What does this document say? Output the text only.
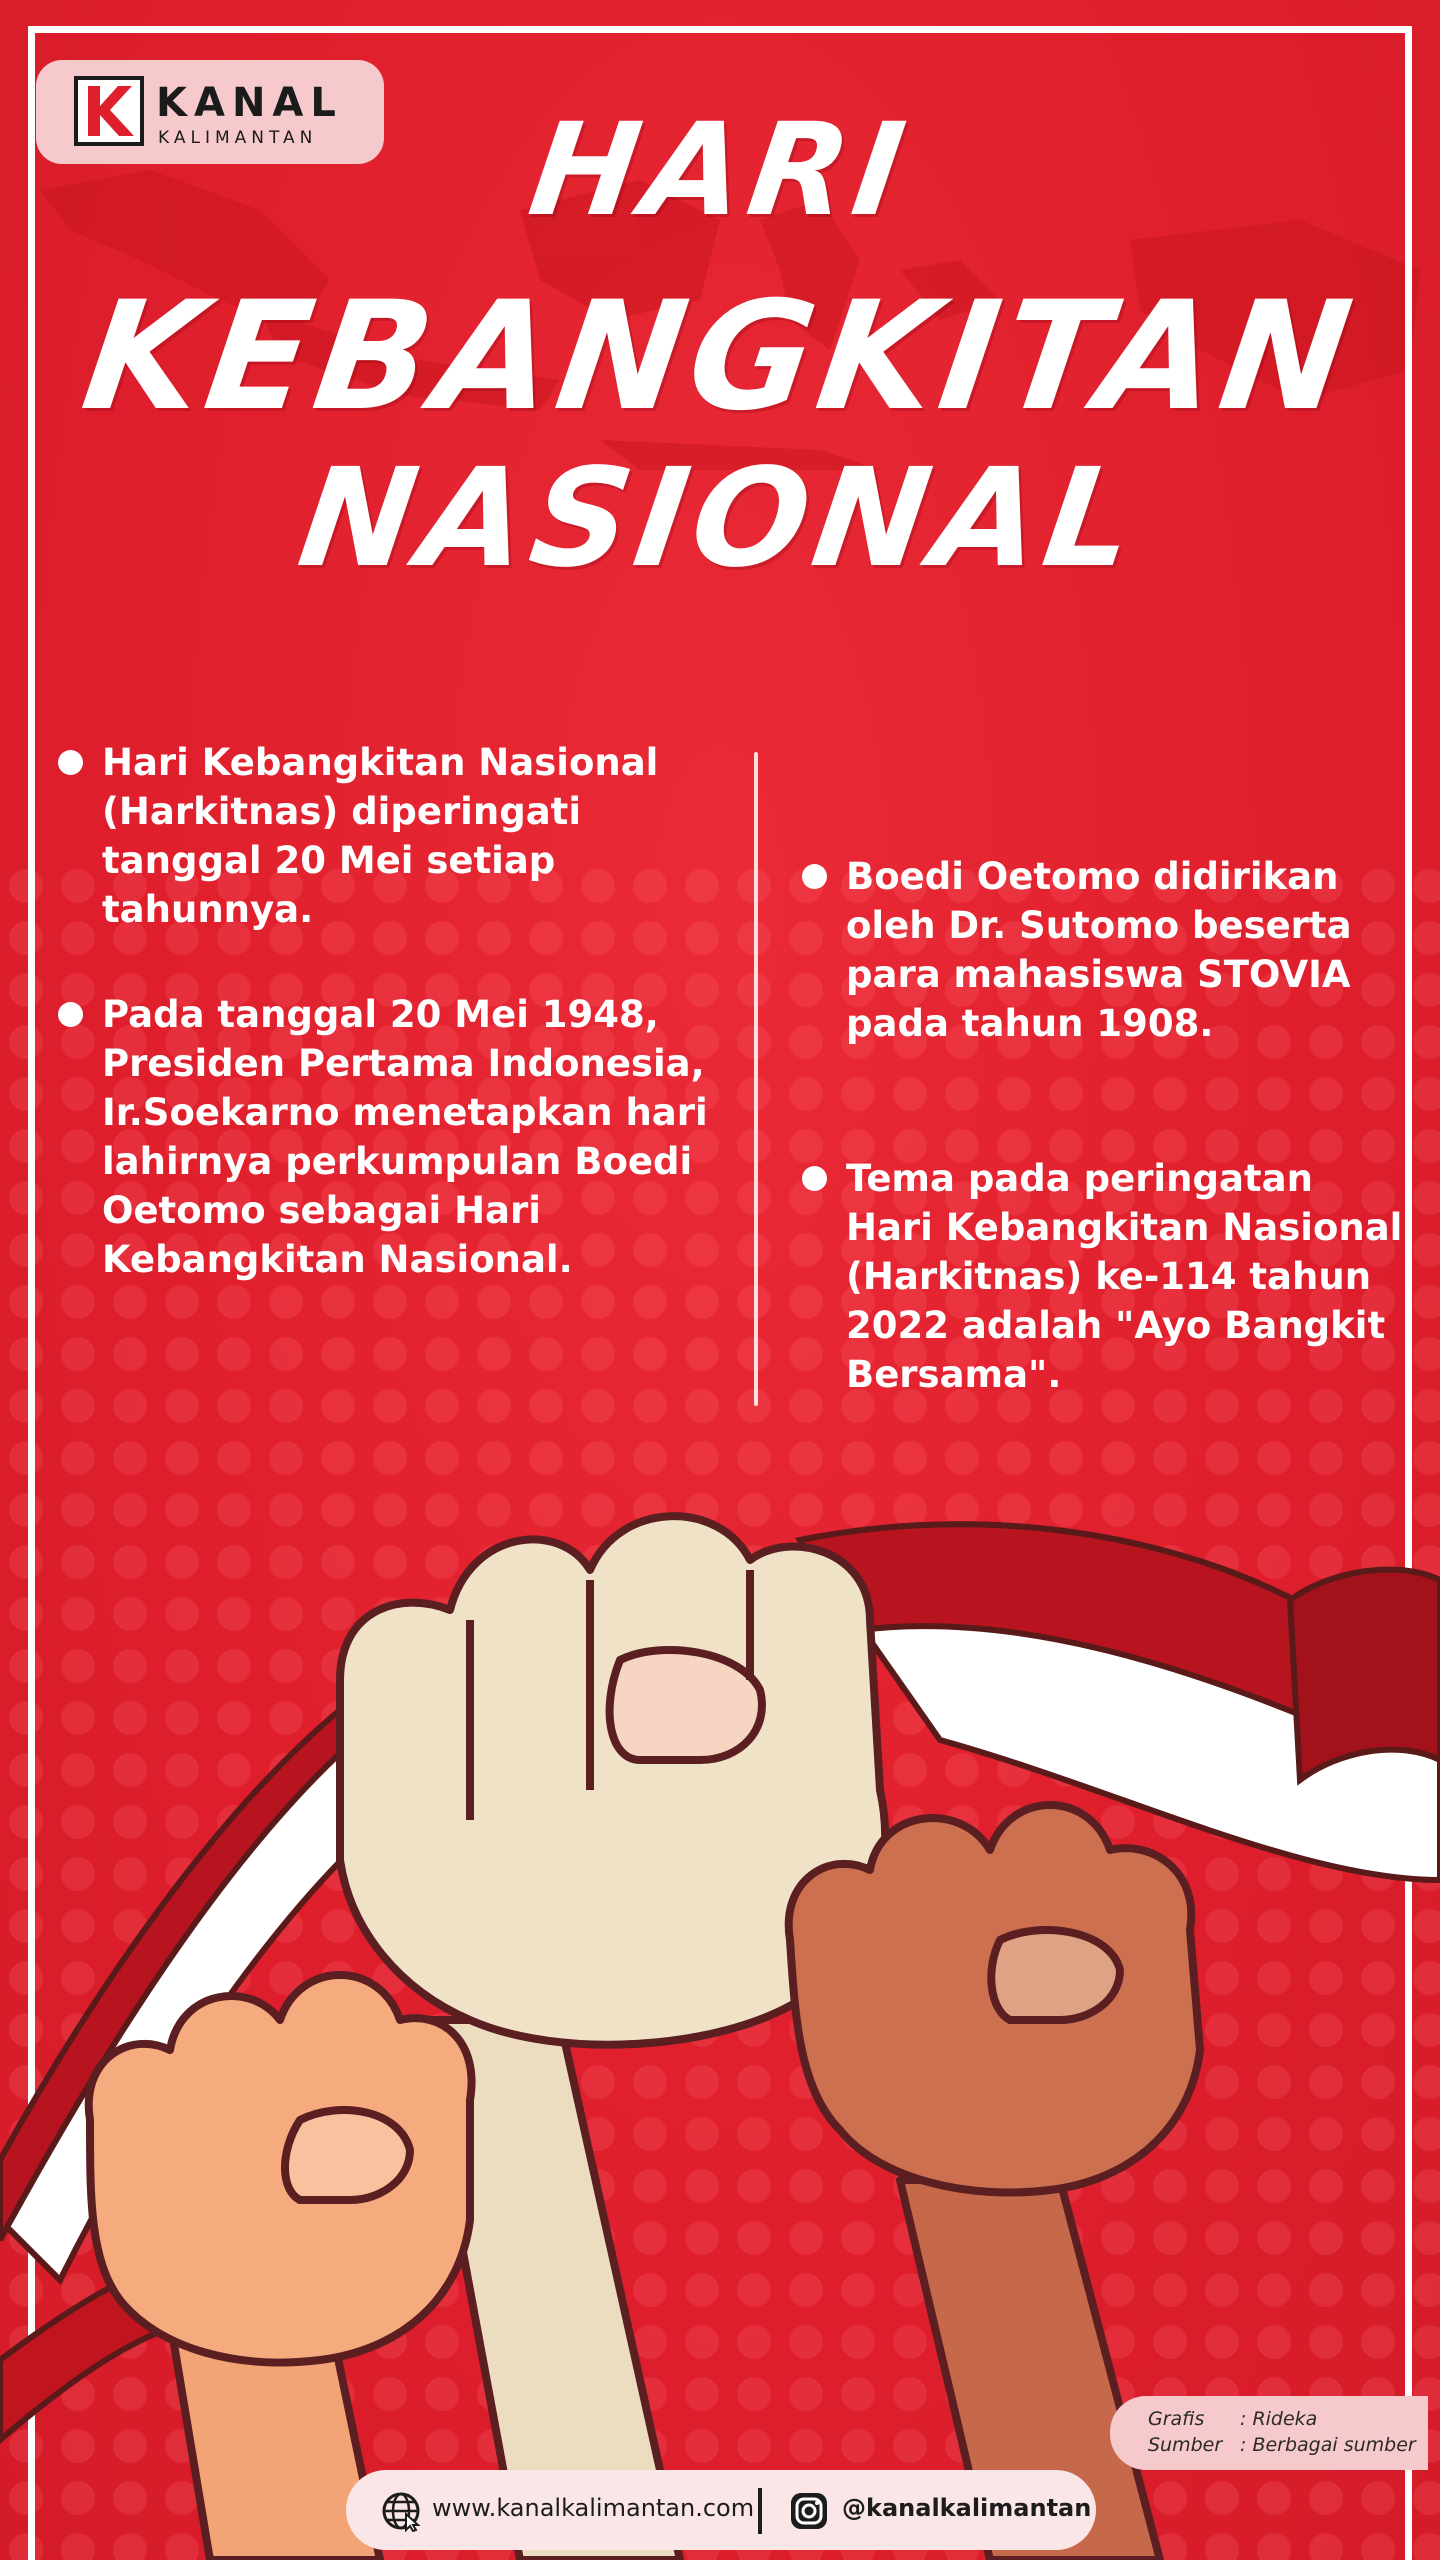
KANAL
KALIMANTAN	HARI
KEBANGKITAN
NASIONAL
Hari Kebangkitan Nasional (Harkitnas) diperingati tanggal 20 Mei setiap tahunnya.
Pada tanggal 20 Mei 1948, Presiden Pertama Indonesia, Ir.Soekarno menetapkan hari lahirnya perkumpulan Boedi Oetomo sebagai Hari Kebangkitan Nasional.
Boedi Oetomo didirikan oleh Dr. Sutomo beserta para mahasiswa STOVIA pada tahun 1908.
Tema pada peringatan Hari Kebangkitan Nasional (Harkitnas) ke-114 tahun 2022 adalah "Ayo Bangkit Bersama".
Grafis : Rideka
Sumber : Berbagai sumber
www.kanalkalimantan.com	@kanalkalimantan
